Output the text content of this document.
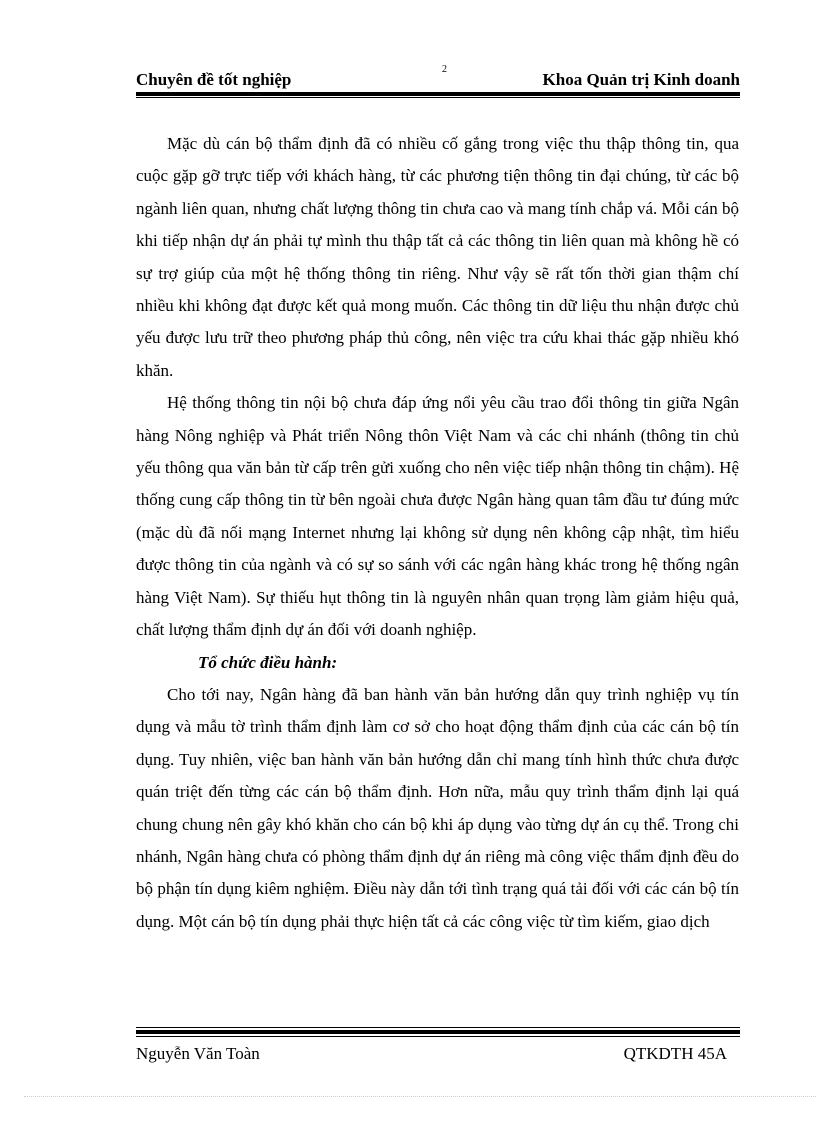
Chuyên đề tốt nghiệp
2
Khoa Quản trị Kinh doanh

Mặc dù cán bộ thẩm định đã có nhiều cố gắng trong việc thu thập thông tin, qua cuộc gặp gỡ trực tiếp với khách hàng, từ các phương tiện thông tin đại chúng, từ các bộ ngành liên quan, nhưng chất lượng thông tin chưa cao và mang tính chắp vá. Mỗi cán bộ khi tiếp nhận dự án phải tự mình thu thập tất cả các thông tin liên quan mà không hề có sự trợ giúp của một hệ thống thông tin riêng. Như vậy sẽ rất tốn thời gian thậm chí nhiều khi không đạt được kết quả mong muốn. Các thông tin dữ liệu thu nhận được chủ yếu được lưu trữ theo phương pháp thủ công, nên việc tra cứu khai thác gặp nhiều khó khăn.

Hệ thống thông tin nội bộ chưa đáp ứng nổi yêu cầu trao đổi thông tin giữa Ngân hàng Nông nghiệp và Phát triển Nông thôn Việt Nam và các chi nhánh (thông tin chủ yếu thông qua văn bản từ cấp trên gửi xuống cho nên việc tiếp nhận thông tin chậm). Hệ thống cung cấp thông tin từ bên ngoài chưa được Ngân hàng quan tâm đầu tư đúng mức (mặc dù đã nối mạng Internet nhưng lại không sử dụng nên không cập nhật, tìm hiểu được thông tin của ngành và có sự so sánh với các ngân hàng khác trong hệ thống ngân hàng Việt Nam). Sự thiếu hụt thông tin là nguyên nhân quan trọng làm giảm hiệu quả, chất lượng thẩm định dự án đối với doanh nghiệp.

Tổ chức điều hành:

Cho tới nay, Ngân hàng đã ban hành văn bản hướng dẫn quy trình nghiệp vụ tín dụng và mẫu tờ trình thẩm định làm cơ sở cho hoạt động thẩm định của các cán bộ tín dụng. Tuy nhiên, việc ban hành văn bản hướng dẫn chỉ mang tính hình thức chưa được quán triệt đến từng các cán bộ thẩm định. Hơn nữa, mẫu quy trình thẩm định lại quá chung chung nên gây khó khăn cho cán bộ khi áp dụng vào từng dự án cụ thể. Trong chi nhánh, Ngân hàng chưa có phòng thẩm định dự án riêng mà công việc thẩm định đều do bộ phận tín dụng kiêm nghiệm. Điều này dẫn tới tình trạng quá tải đối với các cán bộ tín dụng. Một cán bộ tín dụng phải thực hiện tất cả các công việc từ tìm kiếm, giao dịch

Nguyễn Văn Toàn	QTKDTH 45A
